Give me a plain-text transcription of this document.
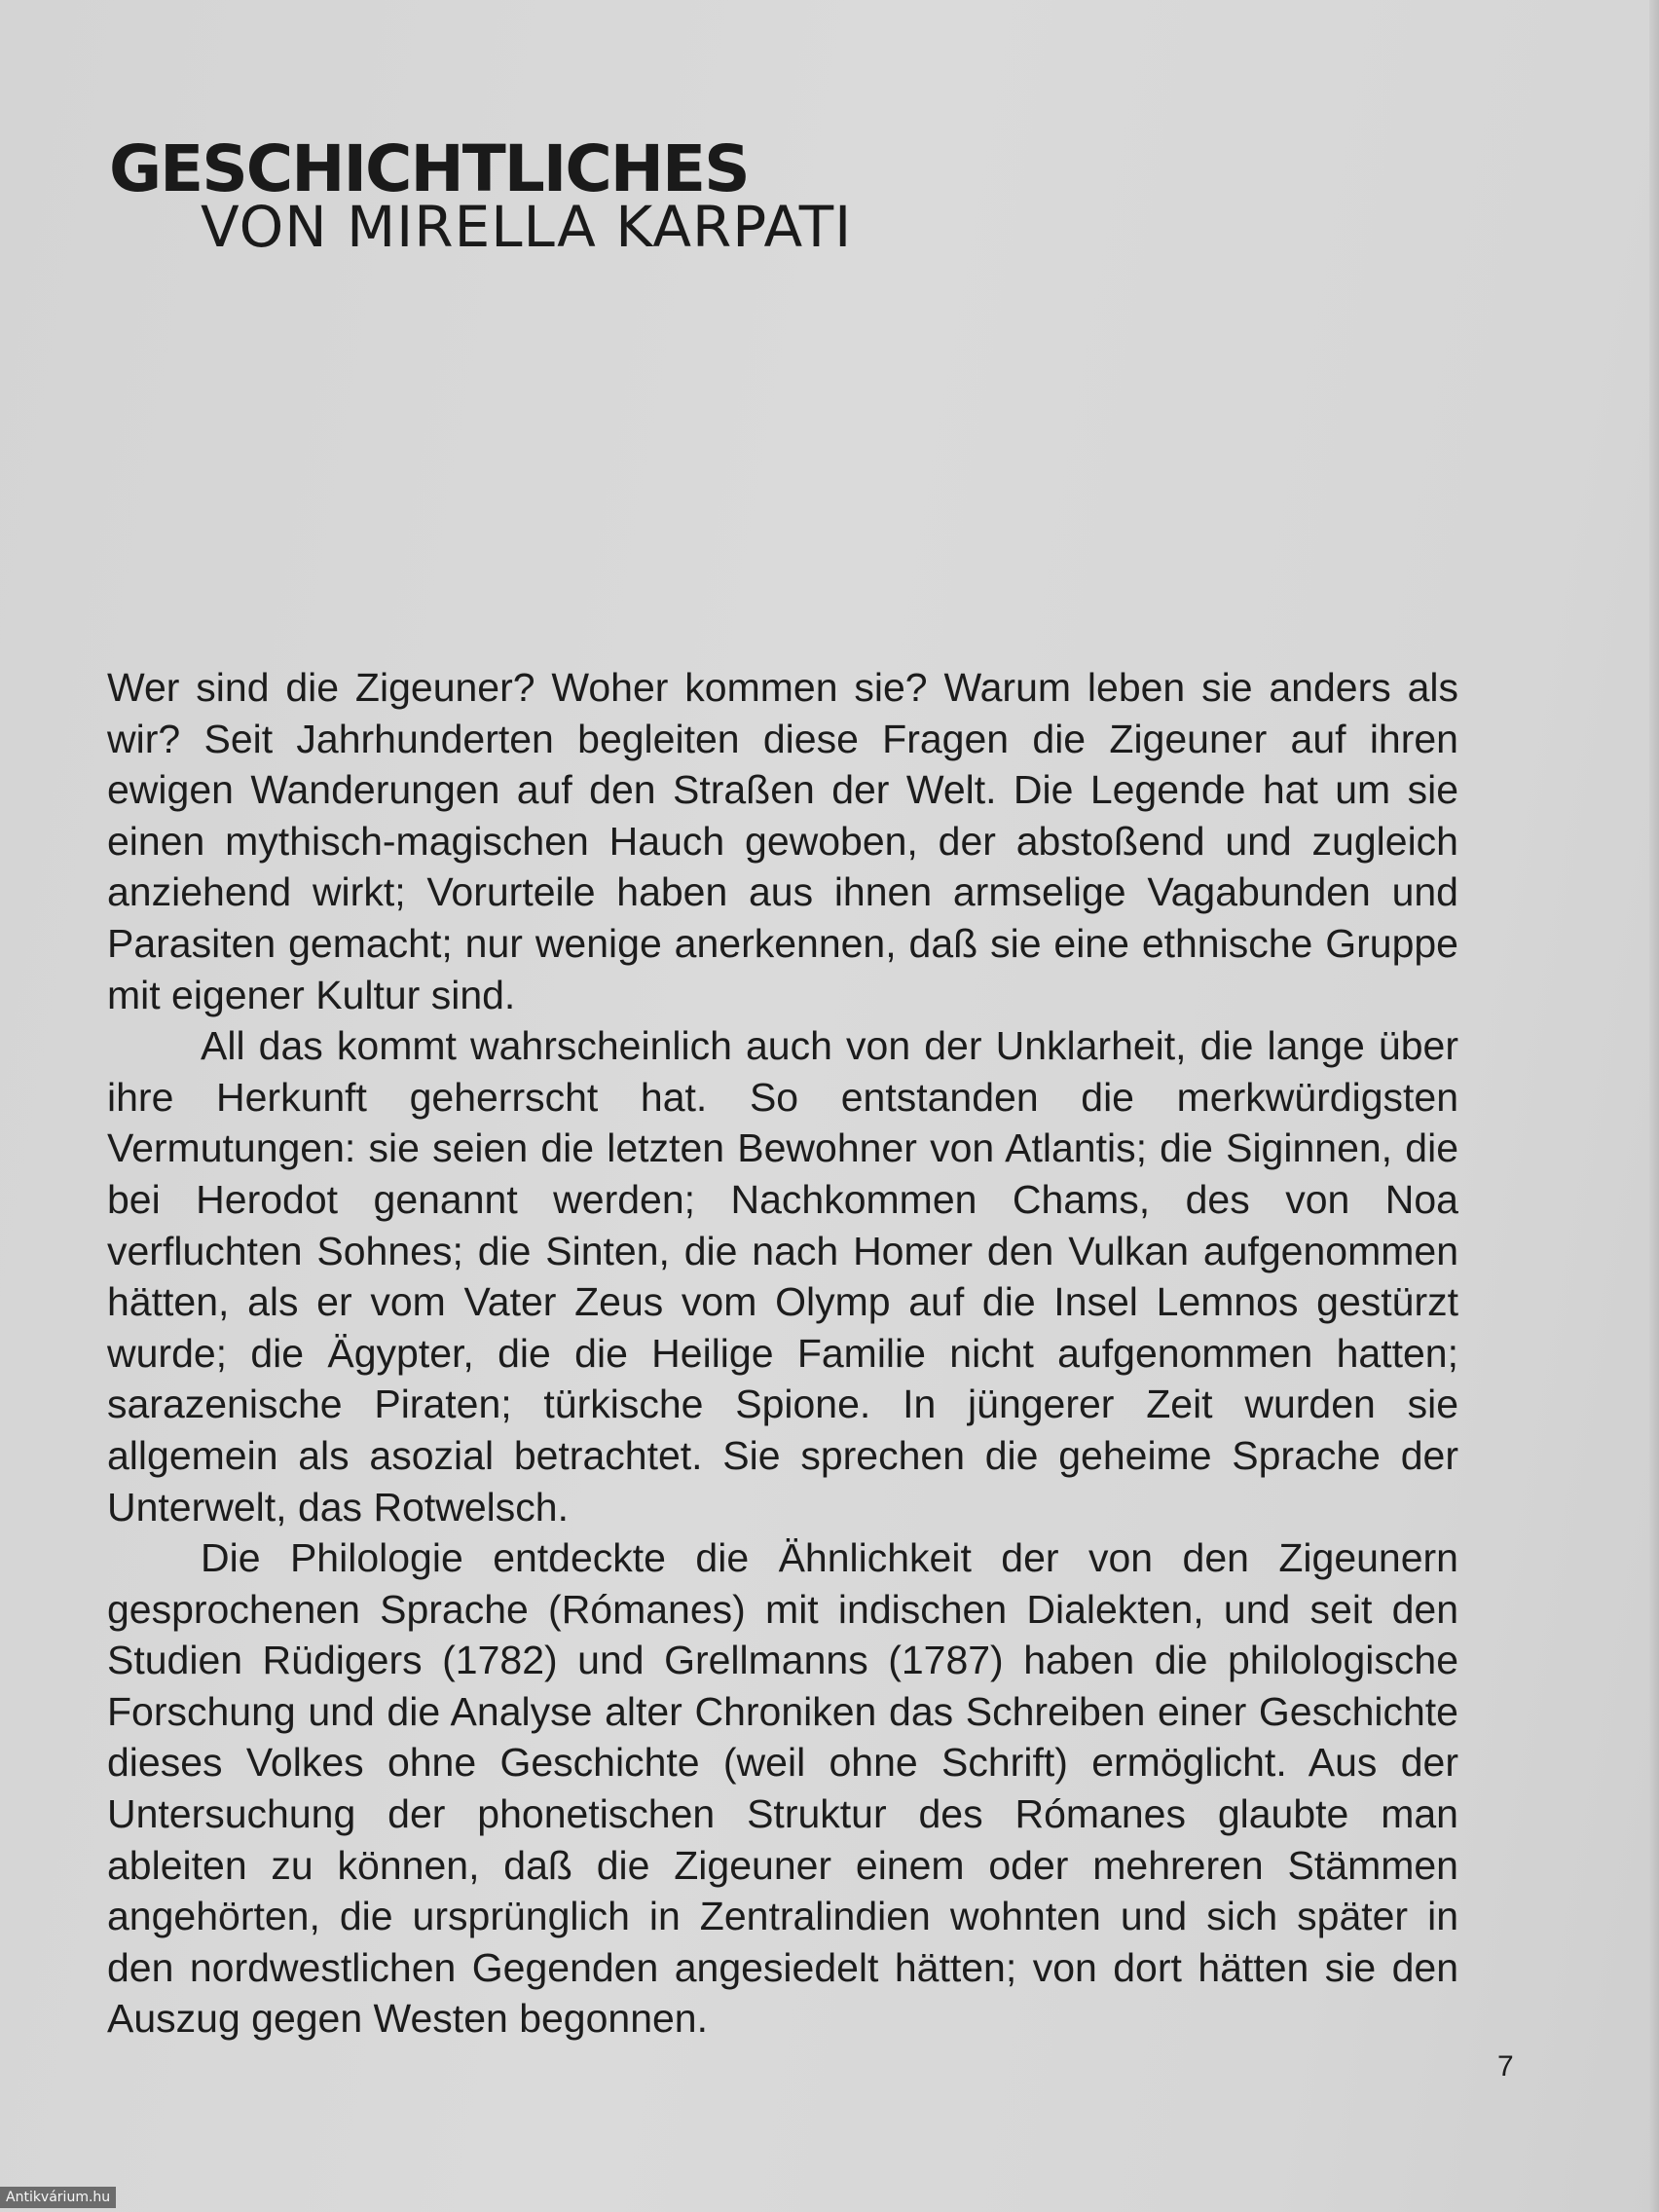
GESCHICHTLICHES
VON MIRELLA KARPATI

Wer sind die Zigeuner? Woher kommen sie? Warum leben sie anders als wir? Seit Jahrhunderten begleiten diese Fragen die Zigeuner auf ihren ewigen Wanderungen auf den Straßen der Welt. Die Legende hat um sie einen mythisch-magischen Hauch gewoben, der abstoßend und zugleich anziehend wirkt; Vorurteile haben aus ihnen armselige Vagabunden und Parasiten gemacht; nur wenige anerkennen, daß sie eine ethnische Gruppe mit eigener Kultur sind.

All das kommt wahrscheinlich auch von der Unklarheit, die lange über ihre Herkunft geherrscht hat. So entstanden die merkwürdigsten Vermutungen: sie seien die letzten Bewohner von Atlantis; die Siginnen, die bei Herodot genannt werden; Nachkommen Chams, des von Noa verfluchten Sohnes; die Sinten, die nach Homer den Vulkan aufgenommen hätten, als er vom Vater Zeus vom Olymp auf die Insel Lemnos gestürzt wurde; die Ägypter, die die Heilige Familie nicht aufgenommen hatten; sarazenische Piraten; türkische Spione. In jüngerer Zeit wurden sie allgemein als asozial betrachtet. Sie sprechen die geheime Sprache der Unterwelt, das Rotwelsch.

Die Philologie entdeckte die Ähnlichkeit der von den Zigeunern gesprochenen Sprache (Rómanes) mit indischen Dialekten, und seit den Studien Rüdigers (1782) und Grellmanns (1787) haben die philologische Forschung und die Analyse alter Chroniken das Schreiben einer Geschichte dieses Volkes ohne Geschichte (weil ohne Schrift) ermöglicht. Aus der Untersuchung der phonetischen Struktur des Rómanes glaubte man ableiten zu können, daß die Zigeuner einem oder mehreren Stämmen angehörten, die ursprünglich in Zentralindien wohnten und sich später in den nordwestlichen Gegenden angesiedelt hätten; von dort hätten sie den Auszug gegen Westen begonnen.

7
Antikvárium.hu
